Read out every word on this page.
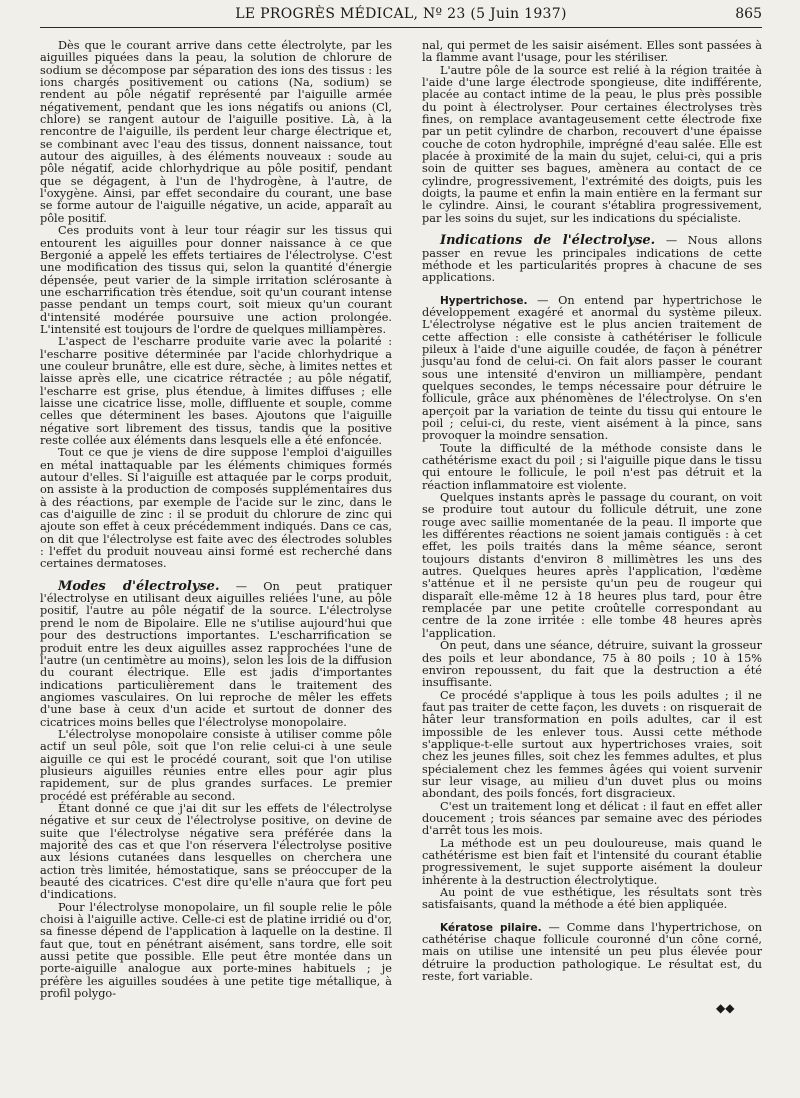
LE PROGRÈS MÉDICAL, Nº 23 (5 Juin 1937)	865

Dès que le courant arrive dans cette électrolyte, par les aiguilles piquées dans la peau, la solution de chlorure de sodium se décompose par séparation des ions des tissus : les ions chargés positivement ou cations (Na, sodium) se rendent au pôle négatif représenté par l'aiguille armée négativement, pendant que les ions négatifs ou anions (Cl, chlore) se rangent autour de l'aiguille positive. Là, à la rencontre de l'aiguille, ils perdent leur charge électrique et, se combinant avec l'eau des tissus, donnent naissance, tout autour des aiguilles, à des éléments nouveaux : soude au pôle négatif, acide chlorhydrique au pôle positif, pendant que se dégagent, à l'un de l'hydrogène, à l'autre, de l'oxygène. Ainsi, par effet secondaire du courant, une base se forme autour de l'aiguille négative, un acide, apparaît au pôle positif.

Ces produits vont à leur tour réagir sur les tissus qui entourent les aiguilles pour donner naissance à ce que Bergonié a appelé les effets tertiaires de l'électrolyse. C'est une modification des tissus qui, selon la quantité d'énergie dépensée, peut varier de la simple irritation sclérosante à une escharrification très étendue, soit qu'un courant intense passe pendant un temps court, soit mieux qu'un courant d'intensité modérée poursuive une action prolongée. L'intensité est toujours de l'ordre de quelques milliampères.

L'aspect de l'escharre produite varie avec la polarité : l'escharre positive déterminée par l'acide chlorhydrique a une couleur brunâtre, elle est dure, sèche, à limites nettes et laisse après elle, une cicatrice rétractée ; au pôle négatif, l'escharre est grise, plus étendue, à limites diffuses ; elle laisse une cicatrice lisse, molle, diffluente et souple, comme celles que déterminent les bases. Ajoutons que l'aiguille négative sort librement des tissus, tandis que la positive reste collée aux éléments dans lesquels elle a été enfoncée.

Tout ce que je viens de dire suppose l'emploi d'aiguilles en métal inattaquable par les éléments chimiques formés autour d'elles. Si l'aiguille est attaquée par le corps produit, on assiste à la production de composés supplémentaires dus à des réactions, par exemple de l'acide sur le zinc, dans le cas d'aiguille de zinc : il se produit du chlorure de zinc qui ajoute son effet à ceux précédemment indiqués. Dans ce cas, on dit que l'électrolyse est faite avec des électrodes solubles : l'effet du produit nouveau ainsi formé est recherché dans certaines dermatoses.

Modes d'électrolyse. — On peut pratiquer l'électrolyse en utilisant deux aiguilles reliées l'une, au pôle positif, l'autre au pôle négatif de la source. L'électrolyse prend le nom de Bipolaire. Elle ne s'utilise aujourd'hui que pour des destructions importantes. L'escharrification se produit entre les deux aiguilles assez rapprochées l'une de l'autre (un centimètre au moins), selon les lois de la diffusion du courant électrique. Elle est jadis d'importantes indications particulièrement dans le traitement des angiomes vasculaires. On lui reproche de mêler les effets d'une base à ceux d'un acide et surtout de donner des cicatrices moins belles que l'électrolyse monopolaire.

L'électrolyse monopolaire consiste à utiliser comme pôle actif un seul pôle, soit que l'on relie celui-ci à une seule aiguille ce qui est le procédé courant, soit que l'on utilise plusieurs aiguilles réunies entre elles pour agir plus rapidement, sur de plus grandes surfaces. Le premier procédé est préférable au second.

Étant donné ce que j'ai dit sur les effets de l'électrolyse négative et sur ceux de l'électrolyse positive, on devine de suite que l'électrolyse négative sera préférée dans la majorité des cas et que l'on réservera l'électrolyse positive aux lésions cutanées dans lesquelles on cherchera une action très limitée, hémostatique, sans se préoccuper de la beauté des cicatrices. C'est dire qu'elle n'aura que fort peu d'indications.

Pour l'électrolyse monopolaire, un fil souple relie le pôle choisi à l'aiguille active. Celle-ci est de platine irridié ou d'or, sa finesse dépend de l'application à laquelle on la destine. Il faut que, tout en pénétrant aisément, sans tordre, elle soit aussi petite que possible. Elle peut être montée dans un porte-aiguille analogue aux porte-mines habituels ; je préfère les aiguilles soudées à une petite tige métallique, à profil polygo-

nal, qui permet de les saisir aisément. Elles sont passées à la flamme avant l'usage, pour les stériliser.

L'autre pôle de la source est relié à la région traitée à l'aide d'une large électrode spongieuse, dite indifférente, placée au contact intime de la peau, le plus près possible du point à électrolyser. Pour certaines électrolyses très fines, on remplace avantageusement cette électrode fixe par un petit cylindre de charbon, recouvert d'une épaisse couche de coton hydrophile, imprégné d'eau salée. Elle est placée à proximité de la main du sujet, celui-ci, qui a pris soin de quitter ses bagues, amènera au contact de ce cylindre, progressivement, l'extrémité des doigts, puis les doigts, la paume et enfin la main entière en la fermant sur le cylindre. Ainsi, le courant s'établira progressivement, par les soins du sujet, sur les indications du spécialiste.

Indications de l'électrolyse. — Nous allons passer en revue les principales indications de cette méthode et les particularités propres à chacune de ses applications.

Hypertrichose. — On entend par hypertrichose le développement exagéré et anormal du système pileux. L'électrolyse négative est le plus ancien traitement de cette affection : elle consiste à cathétériser le follicule pileux à l'aide d'une aiguille coudée, de façon à pénétrer jusqu'au fond de celui-ci. On fait alors passer le courant sous une intensité d'environ un milliampère, pendant quelques secondes, le temps nécessaire pour détruire le follicule, grâce aux phénomènes de l'électrolyse. On s'en aperçoit par la variation de teinte du tissu qui entoure le poil ; celui-ci, du reste, vient aisément à la pince, sans provoquer la moindre sensation.

Toute la difficulté de la méthode consiste dans le cathétérisme exact du poil ; si l'aiguille pique dans le tissu qui entoure le follicule, le poil n'est pas détruit et la réaction inflammatoire est violente.

Quelques instants après le passage du courant, on voit se produire tout autour du follicule détruit, une zone rouge avec saillie momentanée de la peau. Il importe que les différentes réactions ne soient jamais contiguës : à cet effet, les poils traités dans la même séance, seront toujours distants d'environ 8 millimètres les uns des autres. Quelques heures après l'application, l'œdème s'atténue et il ne persiste qu'un peu de rougeur qui disparaît elle-même 12 à 18 heures plus tard, pour être remplacée par une petite croûtelle correspondant au centre de la zone irritée : elle tombe 48 heures après l'application.

On peut, dans une séance, détruire, suivant la grosseur des poils et leur abondance, 75 à 80 poils ; 10 à 15% environ repoussent, du fait que la destruction a été insuffisante.

Ce procédé s'applique à tous les poils adultes ; il ne faut pas traiter de cette façon, les duvets : on risquerait de hâter leur transformation en poils adultes, car il est impossible de les enlever tous. Aussi cette méthode s'applique-t-elle surtout aux hypertrichoses vraies, soit chez les jeunes filles, soit chez les femmes adultes, et plus spécialement chez les femmes âgées qui voient survenir sur leur visage, au milieu d'un duvet plus ou moins abondant, des poils foncés, fort disgracieux.

C'est un traitement long et délicat : il faut en effet aller doucement ; trois séances par semaine avec des périodes d'arrêt tous les mois.

La méthode est un peu douloureuse, mais quand le cathétérisme est bien fait et l'intensité du courant établie progressivement, le sujet supporte aisément la douleur inhérente à la destruction électrolytique.

Au point de vue esthétique, les résultats sont très satisfaisants, quand la méthode a été bien appliquée.

Kératose pilaire. — Comme dans l'hypertrichose, on cathétérise chaque follicule couronné d'un cône corné, mais on utilise une intensité un peu plus élevée pour détruire la production pathologique. Le résultat est, du reste, fort variable.

◆◆
